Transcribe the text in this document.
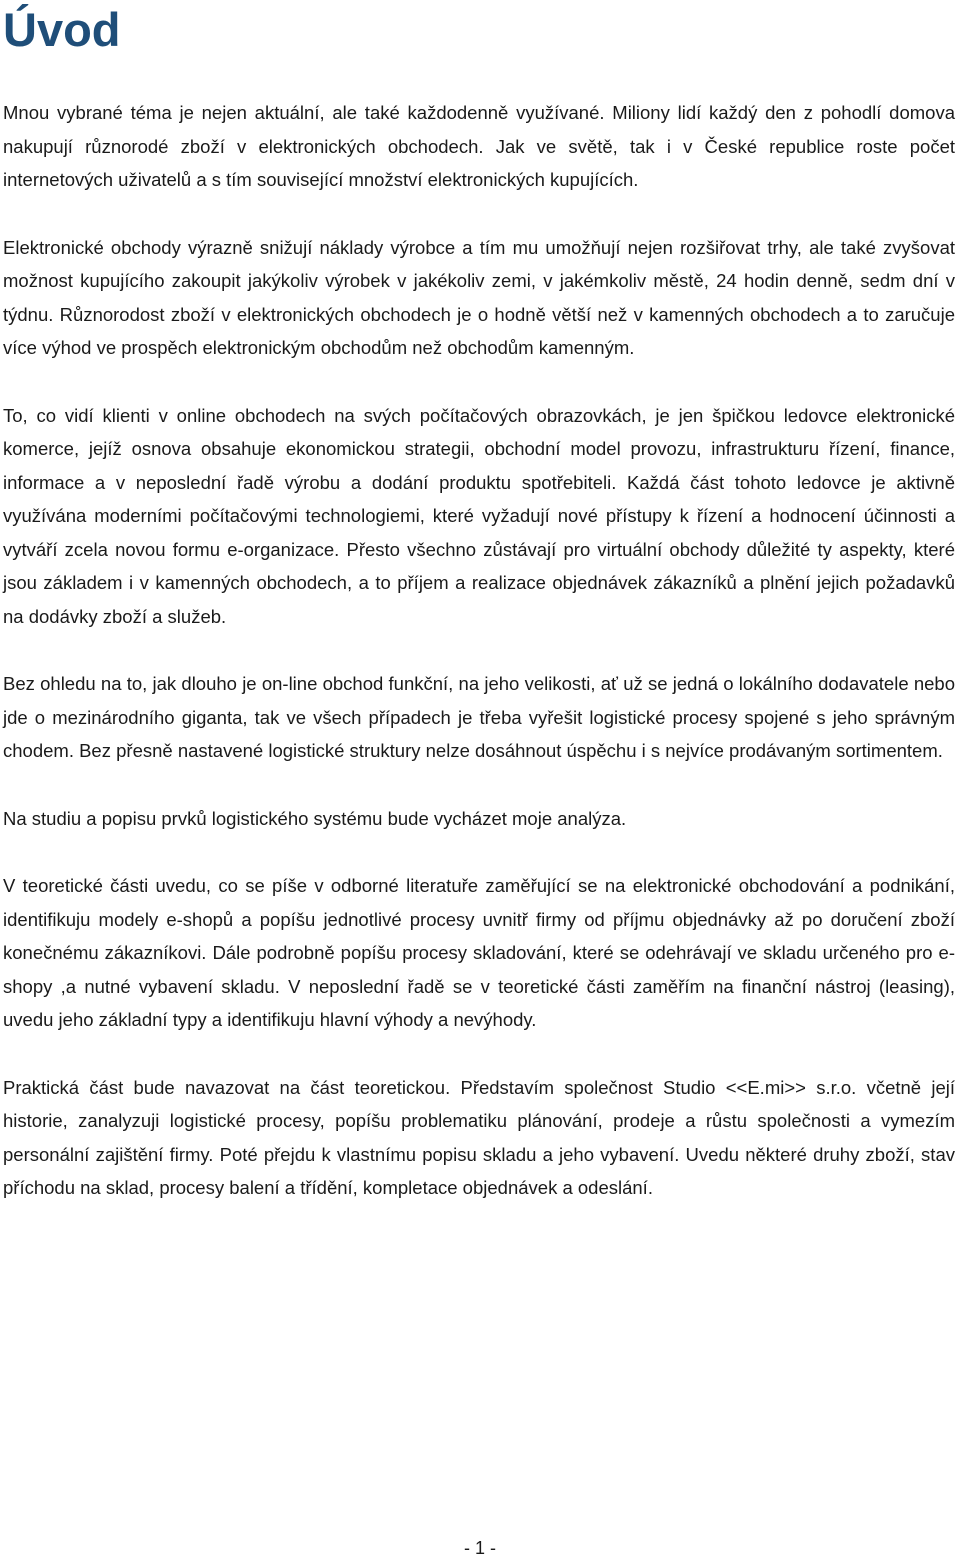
Úvod

Mnou vybrané téma je nejen aktuální, ale také každodenně využívané. Miliony lidí každý den z pohodlí domova nakupují různorodé zboží v elektronických obchodech. Jak ve světě, tak i v České republice roste počet internetových uživatelů a s tím související množství elektronických kupujících.

Elektronické obchody výrazně snižují náklady výrobce a tím mu umožňují nejen rozšiřovat trhy, ale také zvyšovat možnost kupujícího zakoupit jakýkoliv výrobek v jakékoliv zemi, v jakémkoliv městě, 24 hodin denně, sedm dní v týdnu. Různorodost zboží v elektronických obchodech je o hodně větší než v kamenných obchodech a to zaručuje více výhod ve prospěch elektronickým obchodům než obchodům kamenným.

To, co vidí klienti v online obchodech na svých počítačových obrazovkách, je jen špičkou ledovce elektronické komerce, jejíž osnova obsahuje ekonomickou strategii, obchodní model provozu, infrastrukturu řízení, finance, informace a v neposlední řadě výrobu a dodání produktu spotřebiteli. Každá část tohoto ledovce je aktivně využívána moderními počítačovými technologiemi, které vyžadují nové přístupy k řízení a hodnocení účinnosti a vytváří zcela novou formu e-organizace. Přesto všechno zůstávají pro virtuální obchody důležité ty aspekty, které jsou základem i v kamenných obchodech, a to příjem a realizace objednávek zákazníků a plnění jejich požadavků na dodávky zboží a služeb.

Bez ohledu na to, jak dlouho je on-line obchod funkční, na jeho velikosti, ať už se jedná o lokálního dodavatele nebo jde o mezinárodního giganta, tak ve všech případech je třeba vyřešit logistické procesy spojené s jeho správným chodem. Bez přesně nastavené logistické struktury nelze dosáhnout úspěchu i s nejvíce prodávaným sortimentem.

Na studiu a popisu prvků logistického systému bude vycházet moje analýza.

V teoretické části uvedu, co se píše v odborné literatuře zaměřující se na elektronické obchodování a podnikání, identifikuju modely e-shopů a popíšu jednotlivé procesy uvnitř firmy od příjmu objednávky až po doručení zboží konečnému zákazníkovi. Dále podrobně popíšu procesy skladování, které se odehrávají ve skladu určeného pro e-shopy ,a nutné vybavení skladu. V neposlední řadě se v teoretické části zaměřím na finanční nástroj (leasing), uvedu jeho základní typy a identifikuju hlavní výhody a nevýhody.

Praktická část bude navazovat na část teoretickou. Představím společnost Studio <<E.mi>> s.r.o. včetně její historie, zanalyzuji logistické procesy, popíšu problematiku plánování, prodeje a růstu společnosti a vymezím personální zajištění firmy. Poté přejdu k vlastnímu popisu skladu a jeho vybavení. Uvedu některé druhy zboží, stav příchodu na sklad, procesy balení a třídění, kompletace objednávek a odeslání.

- 1 -
